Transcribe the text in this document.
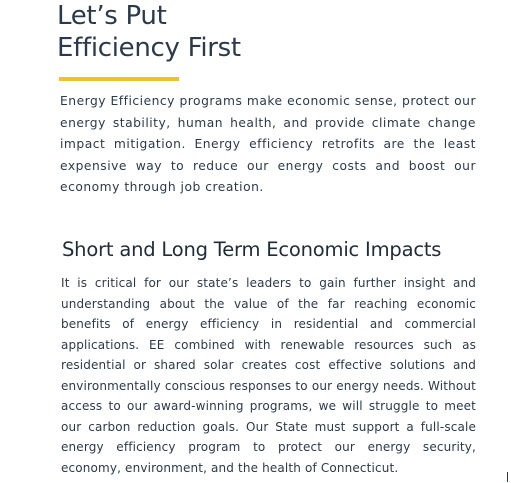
Let’s Put
Efficiency First

Energy Efficiency programs make economic sense, protect our energy stability, human health, and provide climate change impact mitigation. Energy efficiency retrofits are the least expensive way to reduce our energy costs and boost our economy through job creation.

Short and Long Term Economic Impacts

It is critical for our state’s leaders to gain further insight and understanding about the value of the far reaching economic benefits of energy efficiency in residential and commercial applications. EE combined with renewable resources such as residential or shared solar creates cost effective solutions and environmentally conscious responses to our energy needs. Without access to our award-winning programs, we will struggle to meet our carbon reduction goals. Our State must support a full-scale energy efficiency program to protect our energy security, economy, environment, and the health of Connecticut.
